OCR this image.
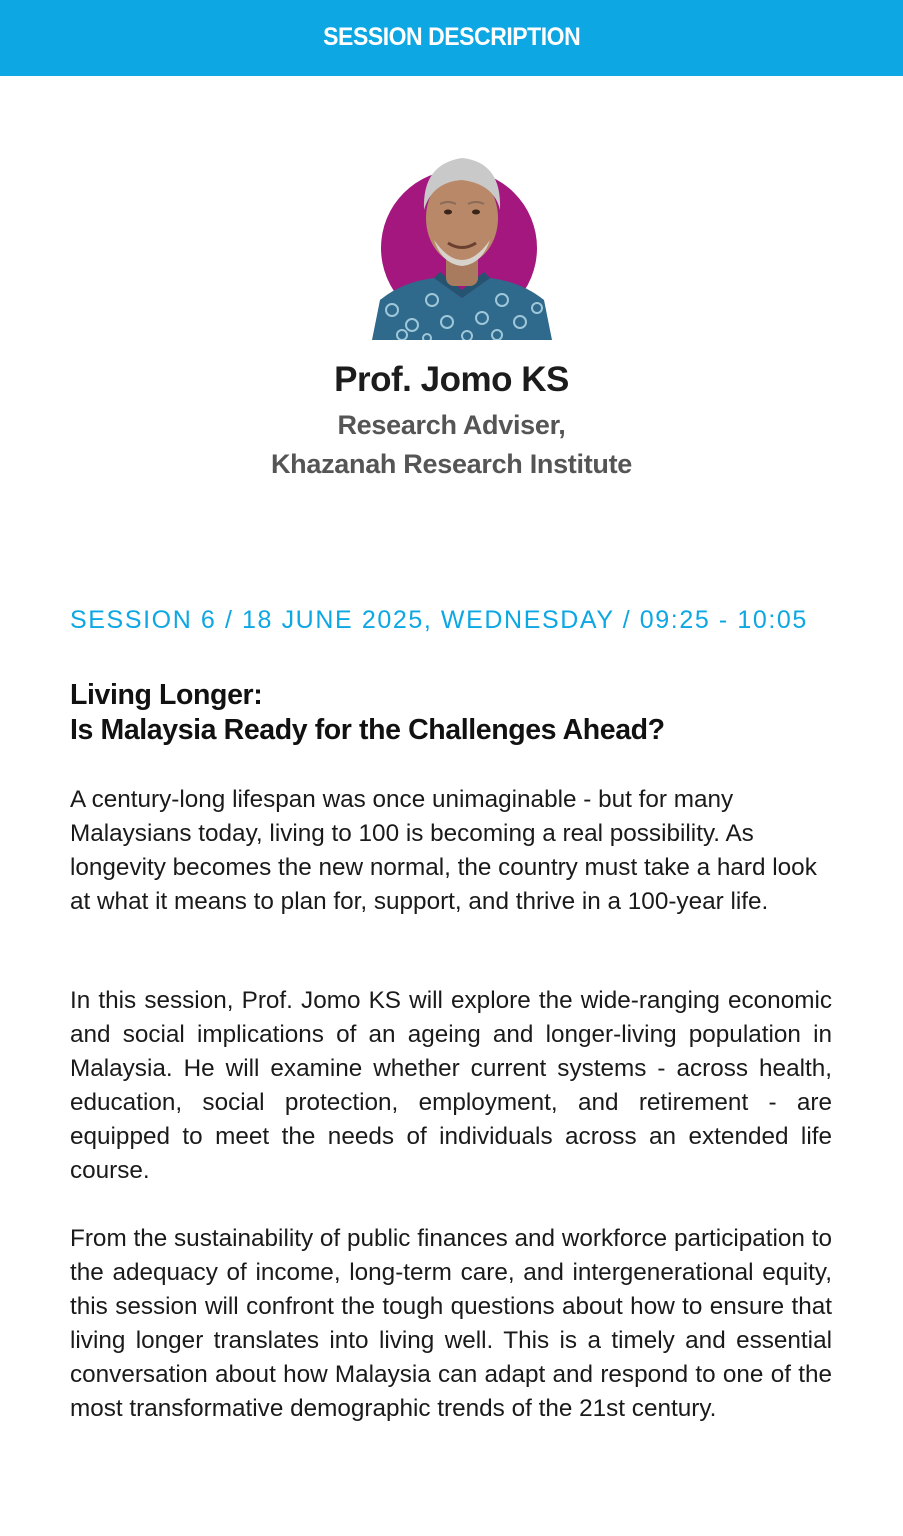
SESSION DESCRIPTION
Prof. Jomo KS
Research Adviser,
Khazanah Research Institute
SESSION 6 / 18 JUNE 2025, WEDNESDAY / 09:25 - 10:05
Living Longer:
Is Malaysia Ready for the Challenges Ahead?

A century-long lifespan was once unimaginable - but for many Malaysians today, living to 100 is becoming a real possibility. As longevity becomes the new normal, the country must take a hard look at what it means to plan for, support, and thrive in a 100-year life.

In this session, Prof. Jomo KS will explore the wide-ranging economic and social implications of an ageing and longer-living population in Malaysia. He will examine whether current systems - across health, education, social protection, employment, and retirement - are equipped to meet the needs of individuals across an extended life course.

From the sustainability of public finances and workforce participation to the adequacy of income, long-term care, and intergenerational equity, this session will confront the tough questions about how to ensure that living longer translates into living well. This is a timely and essential conversation about how Malaysia can adapt and respond to one of the most transformative demographic trends of the 21st century.
